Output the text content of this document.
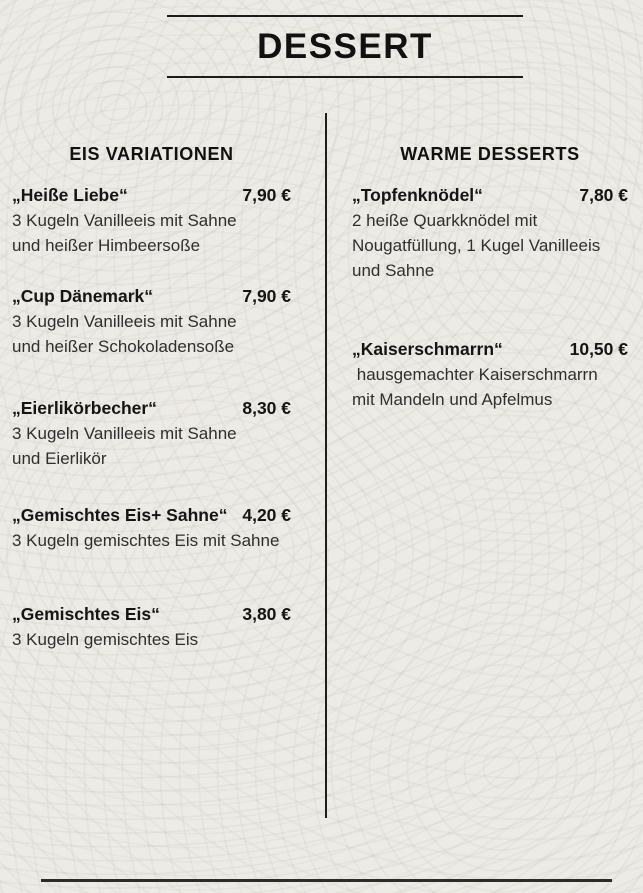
DESSERT
EIS VARIATIONEN
„Heiße Liebe“	7,90 €
3 Kugeln Vanilleeis mit Sahne
und heißer Himbeersoße
„Cup Dänemark“	7,90 €
3 Kugeln Vanilleeis mit Sahne
und heißer Schokoladensoße
„Eierlikörbecher“	8,30 €
3 Kugeln Vanilleeis mit Sahne
und Eierlikör
„Gemischtes Eis+ Sahne“ 4,20 €
3 Kugeln gemischtes Eis mit Sahne
„Gemischtes Eis“	3,80 €
3 Kugeln gemischtes Eis
WARME DESSERTS
„Topfenknödel“	7,80 €
2 heiße Quarkknödel mit
Nougatfüllung, 1 Kugel Vanilleeis
und Sahne
„Kaiserschmarrn“	10,50 €
hausgemachter Kaiserschmarrn
mit Mandeln und Apfelmus
